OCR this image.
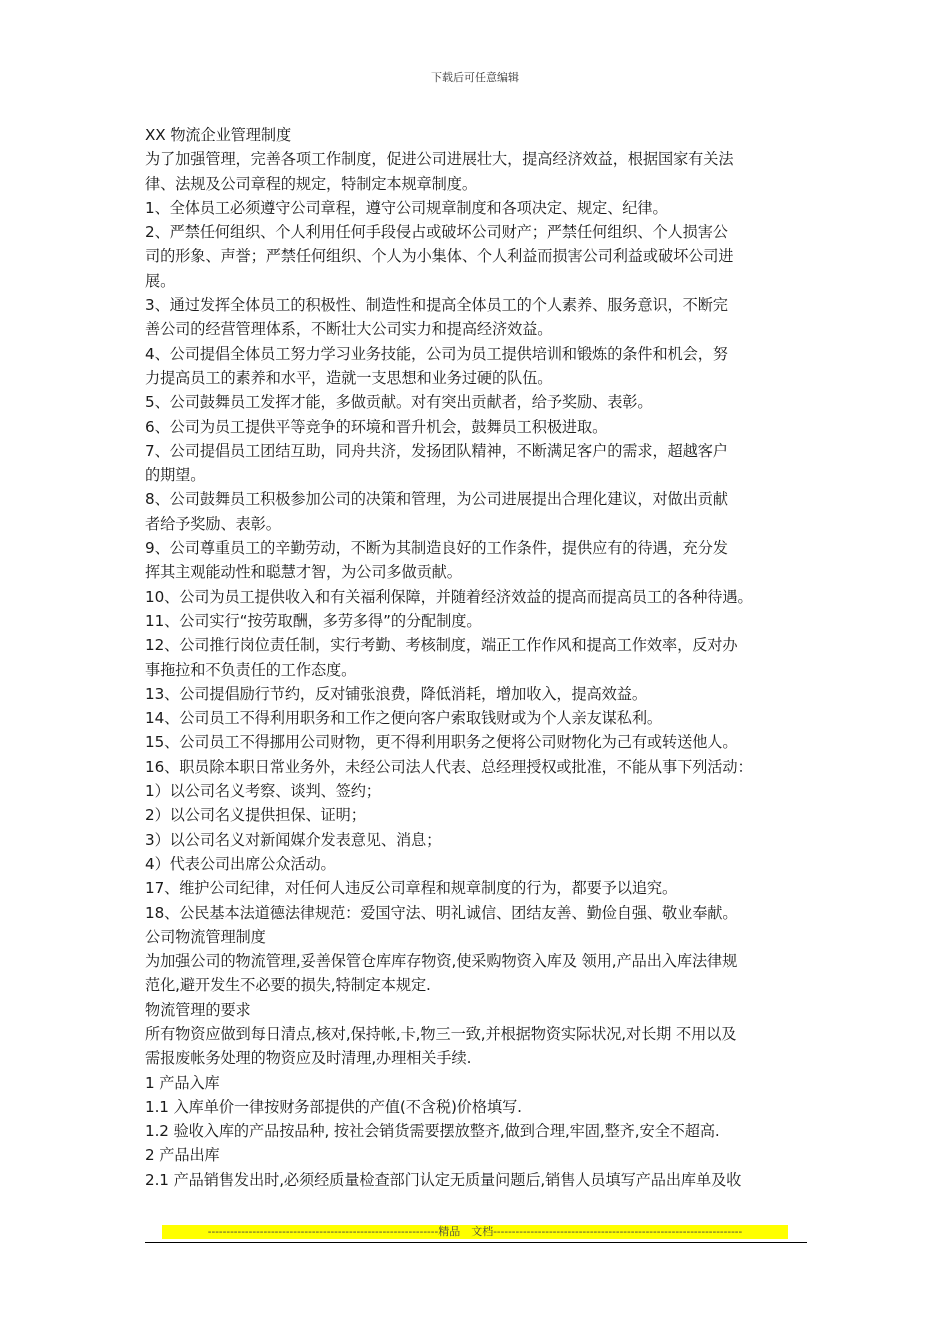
下载后可任意编辑
XX 物流企业管理制度
为了加强管理，完善各项工作制度，促进公司进展壮大，提高经济效益，根据国家有关法
律、法规及公司章程的规定，特制定本规章制度。
1、全体员工必须遵守公司章程，遵守公司规章制度和各项决定、规定、纪律。
2、严禁任何组织、个人利用任何手段侵占或破坏公司财产；严禁任何组织、个人损害公
司的形象、声誉；严禁任何组织、个人为小集体、个人利益而损害公司利益或破坏公司进
展。
3、通过发挥全体员工的积极性、制造性和提高全体员工的个人素养、服务意识，不断完
善公司的经营管理体系，不断壮大公司实力和提高经济效益。
4、公司提倡全体员工努力学习业务技能，公司为员工提供培训和锻炼的条件和机会，努
力提高员工的素养和水平，造就一支思想和业务过硬的队伍。
5、公司鼓舞员工发挥才能，多做贡献。对有突出贡献者，给予奖励、表彰。
6、公司为员工提供平等竞争的环境和晋升机会，鼓舞员工积极进取。
7、公司提倡员工团结互助，同舟共济，发扬团队精神，不断满足客户的需求，超越客户
的期望。
8、公司鼓舞员工积极参加公司的决策和管理，为公司进展提出合理化建议，对做出贡献
者给予奖励、表彰。
9、公司尊重员工的辛勤劳动，不断为其制造良好的工作条件，提供应有的待遇，充分发
挥其主观能动性和聪慧才智，为公司多做贡献。
10、公司为员工提供收入和有关福利保障，并随着经济效益的提高而提高员工的各种待遇。
11、公司实行“按劳取酬，多劳多得”的分配制度。
12、公司推行岗位责任制，实行考勤、考核制度，端正工作作风和提高工作效率，反对办
事拖拉和不负责任的工作态度。
13、公司提倡励行节约，反对铺张浪费，降低消耗，增加收入，提高效益。
14、公司员工不得利用职务和工作之便向客户索取钱财或为个人亲友谋私利。
15、公司员工不得挪用公司财物，更不得利用职务之便将公司财物化为己有或转送他人。
16、职员除本职日常业务外，未经公司法人代表、总经理授权或批准，不能从事下列活动：
1）以公司名义考察、谈判、签约；
2）以公司名义提供担保、证明；
3）以公司名义对新闻媒介发表意见、消息；
4）代表公司出席公众活动。
17、维护公司纪律，对任何人违反公司章程和规章制度的行为，都要予以追究。
18、公民基本法道德法律规范：爱国守法、明礼诚信、团结友善、勤俭自强、敬业奉献。
公司物流管理制度
为加强公司的物流管理,妥善保管仓库库存物资,使采购物资入库及 领用,产品出入库法律规
范化,避开发生不必要的损失,特制定本规定.
物流管理的要求
所有物资应做到每日清点,核对,保持帐,卡,物三一致,并根据物资实际状况,对长期 不用以及
需报废帐务处理的物资应及时清理,办理相关手续.
1 产品入库
1.1 入库单价一律按财务部提供的产值(不含税)价格填写.
1.2 验收入库的产品按品种, 按社会销货需要摆放整齐,做到合理,牢固,整齐,安全不超高.
2 产品出库
2.1 产品销售发出时,必须经质量检查部门认定无质量问题后,销售人员填写产品出库单及收
--------------------------------------------------------------精品　文档-------------------------------------------------------------------
